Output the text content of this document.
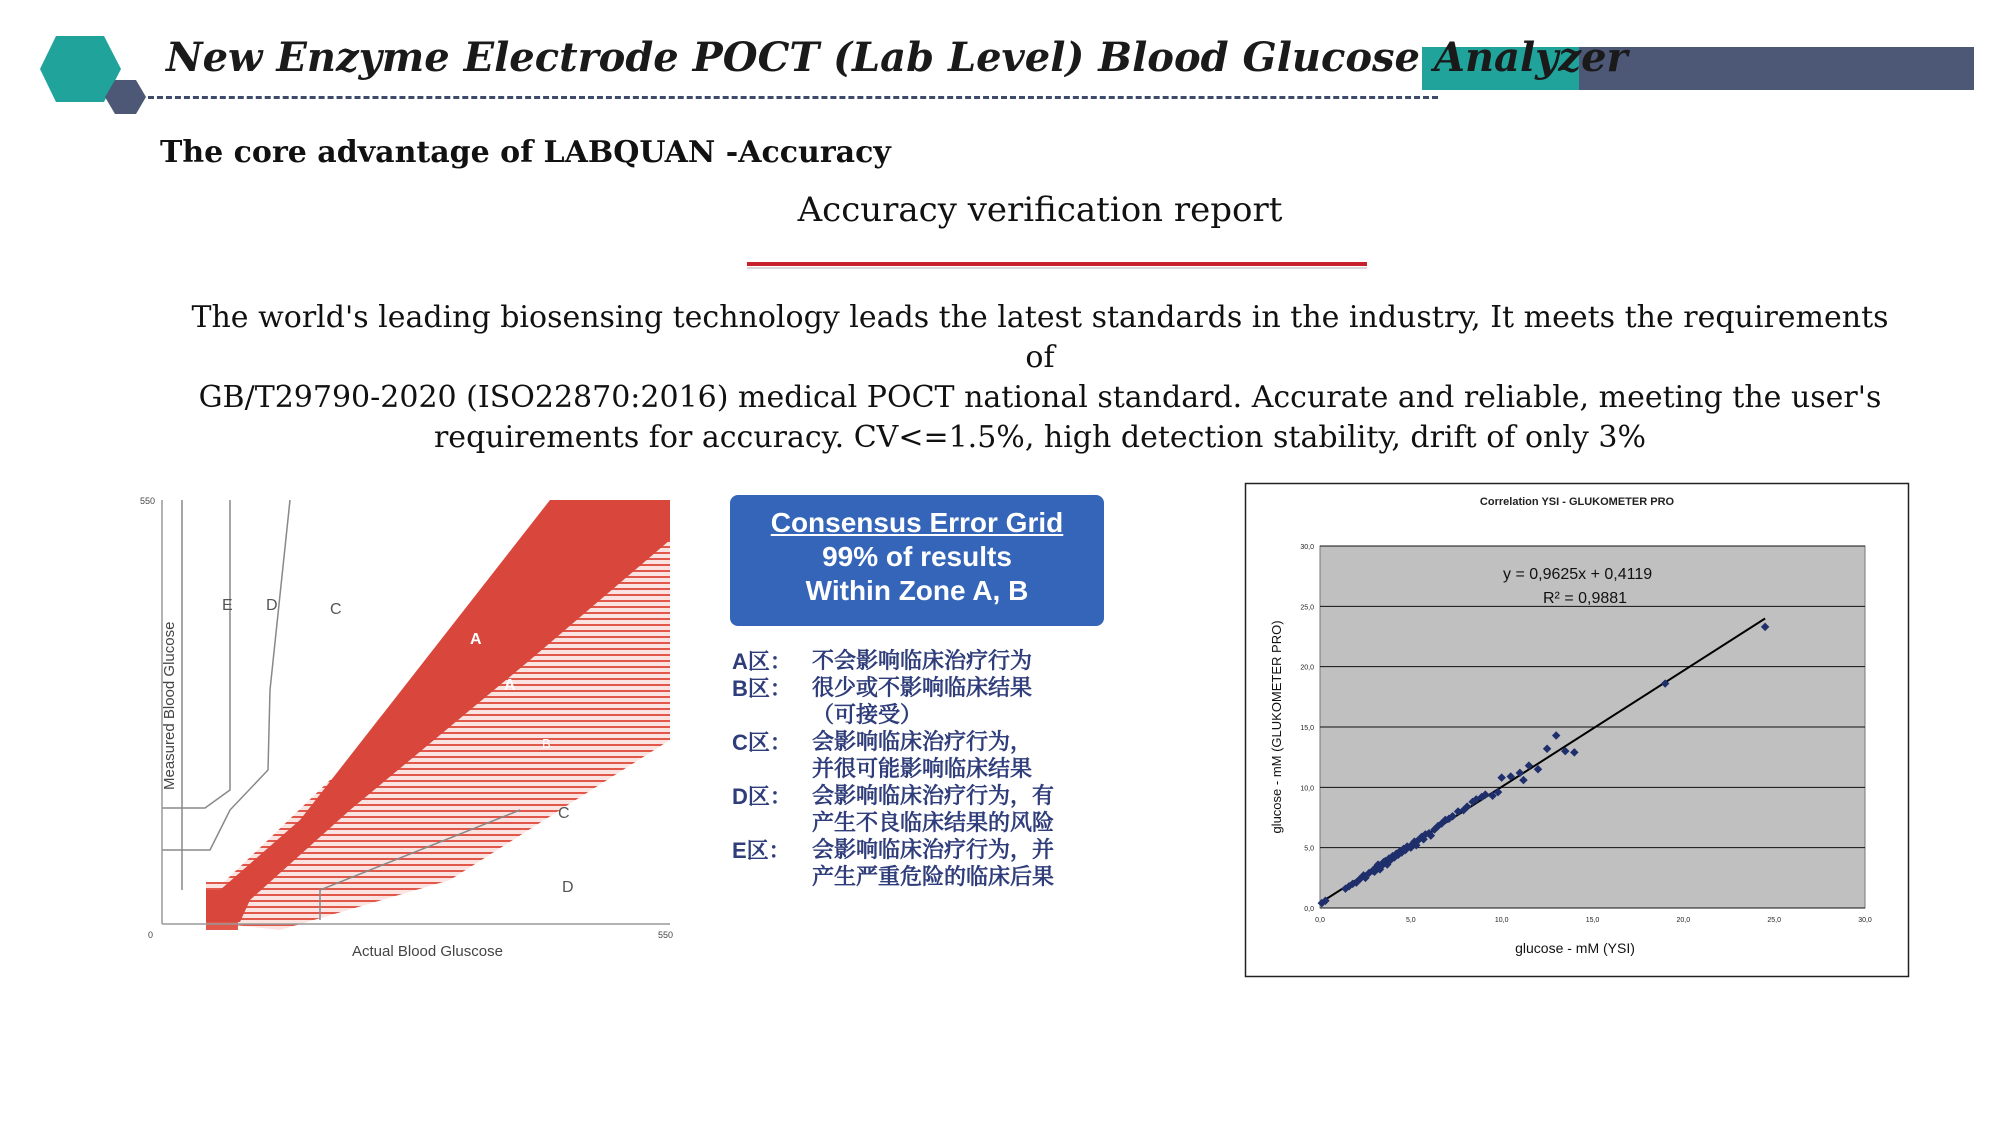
New Enzyme Electrode POCT (Lab Level) Blood Glucose Analyzer
The core advantage of LABQUAN -Accuracy
Accuracy verification report
The world's leading biosensing technology leads the latest standards in the industry, It meets the requirements of
GB/T29790-2020 (ISO22870:2016) medical POCT national standard. Accurate and reliable, meeting the user's
requirements for accuracy. CV<=1.5%, high detection stability, drift of only 3%
E D	C
B
A
A
B
C
D
550
0	550
Actual Blood Gluscose
Measured Blood Glucose
Consensus Error Grid
99% of results
Within Zone A, B
A区： 不会影响临床治疗行为
B区： 很少或不影响临床结果
（可接受）
C区： 会影响临床治疗行为，
并很可能影响临床结果
D区： 会影响临床治疗行为，有
产生不良临床结果的风险
E区： 会影响临床治疗行为，并
产生严重危险的临床后果
Correlation YSI - GLUKOMETER PRO
0,0
5,0
10,0
15,0
20,0
25,0
30,0
0,0	5,0	10,0	15,0	20,0	25,0	30,0
y = 0,9625x + 0,4119
R² = 0,9881
glucose - mM (YSI)
glucose - mM (GLUKOMETER PRO)
